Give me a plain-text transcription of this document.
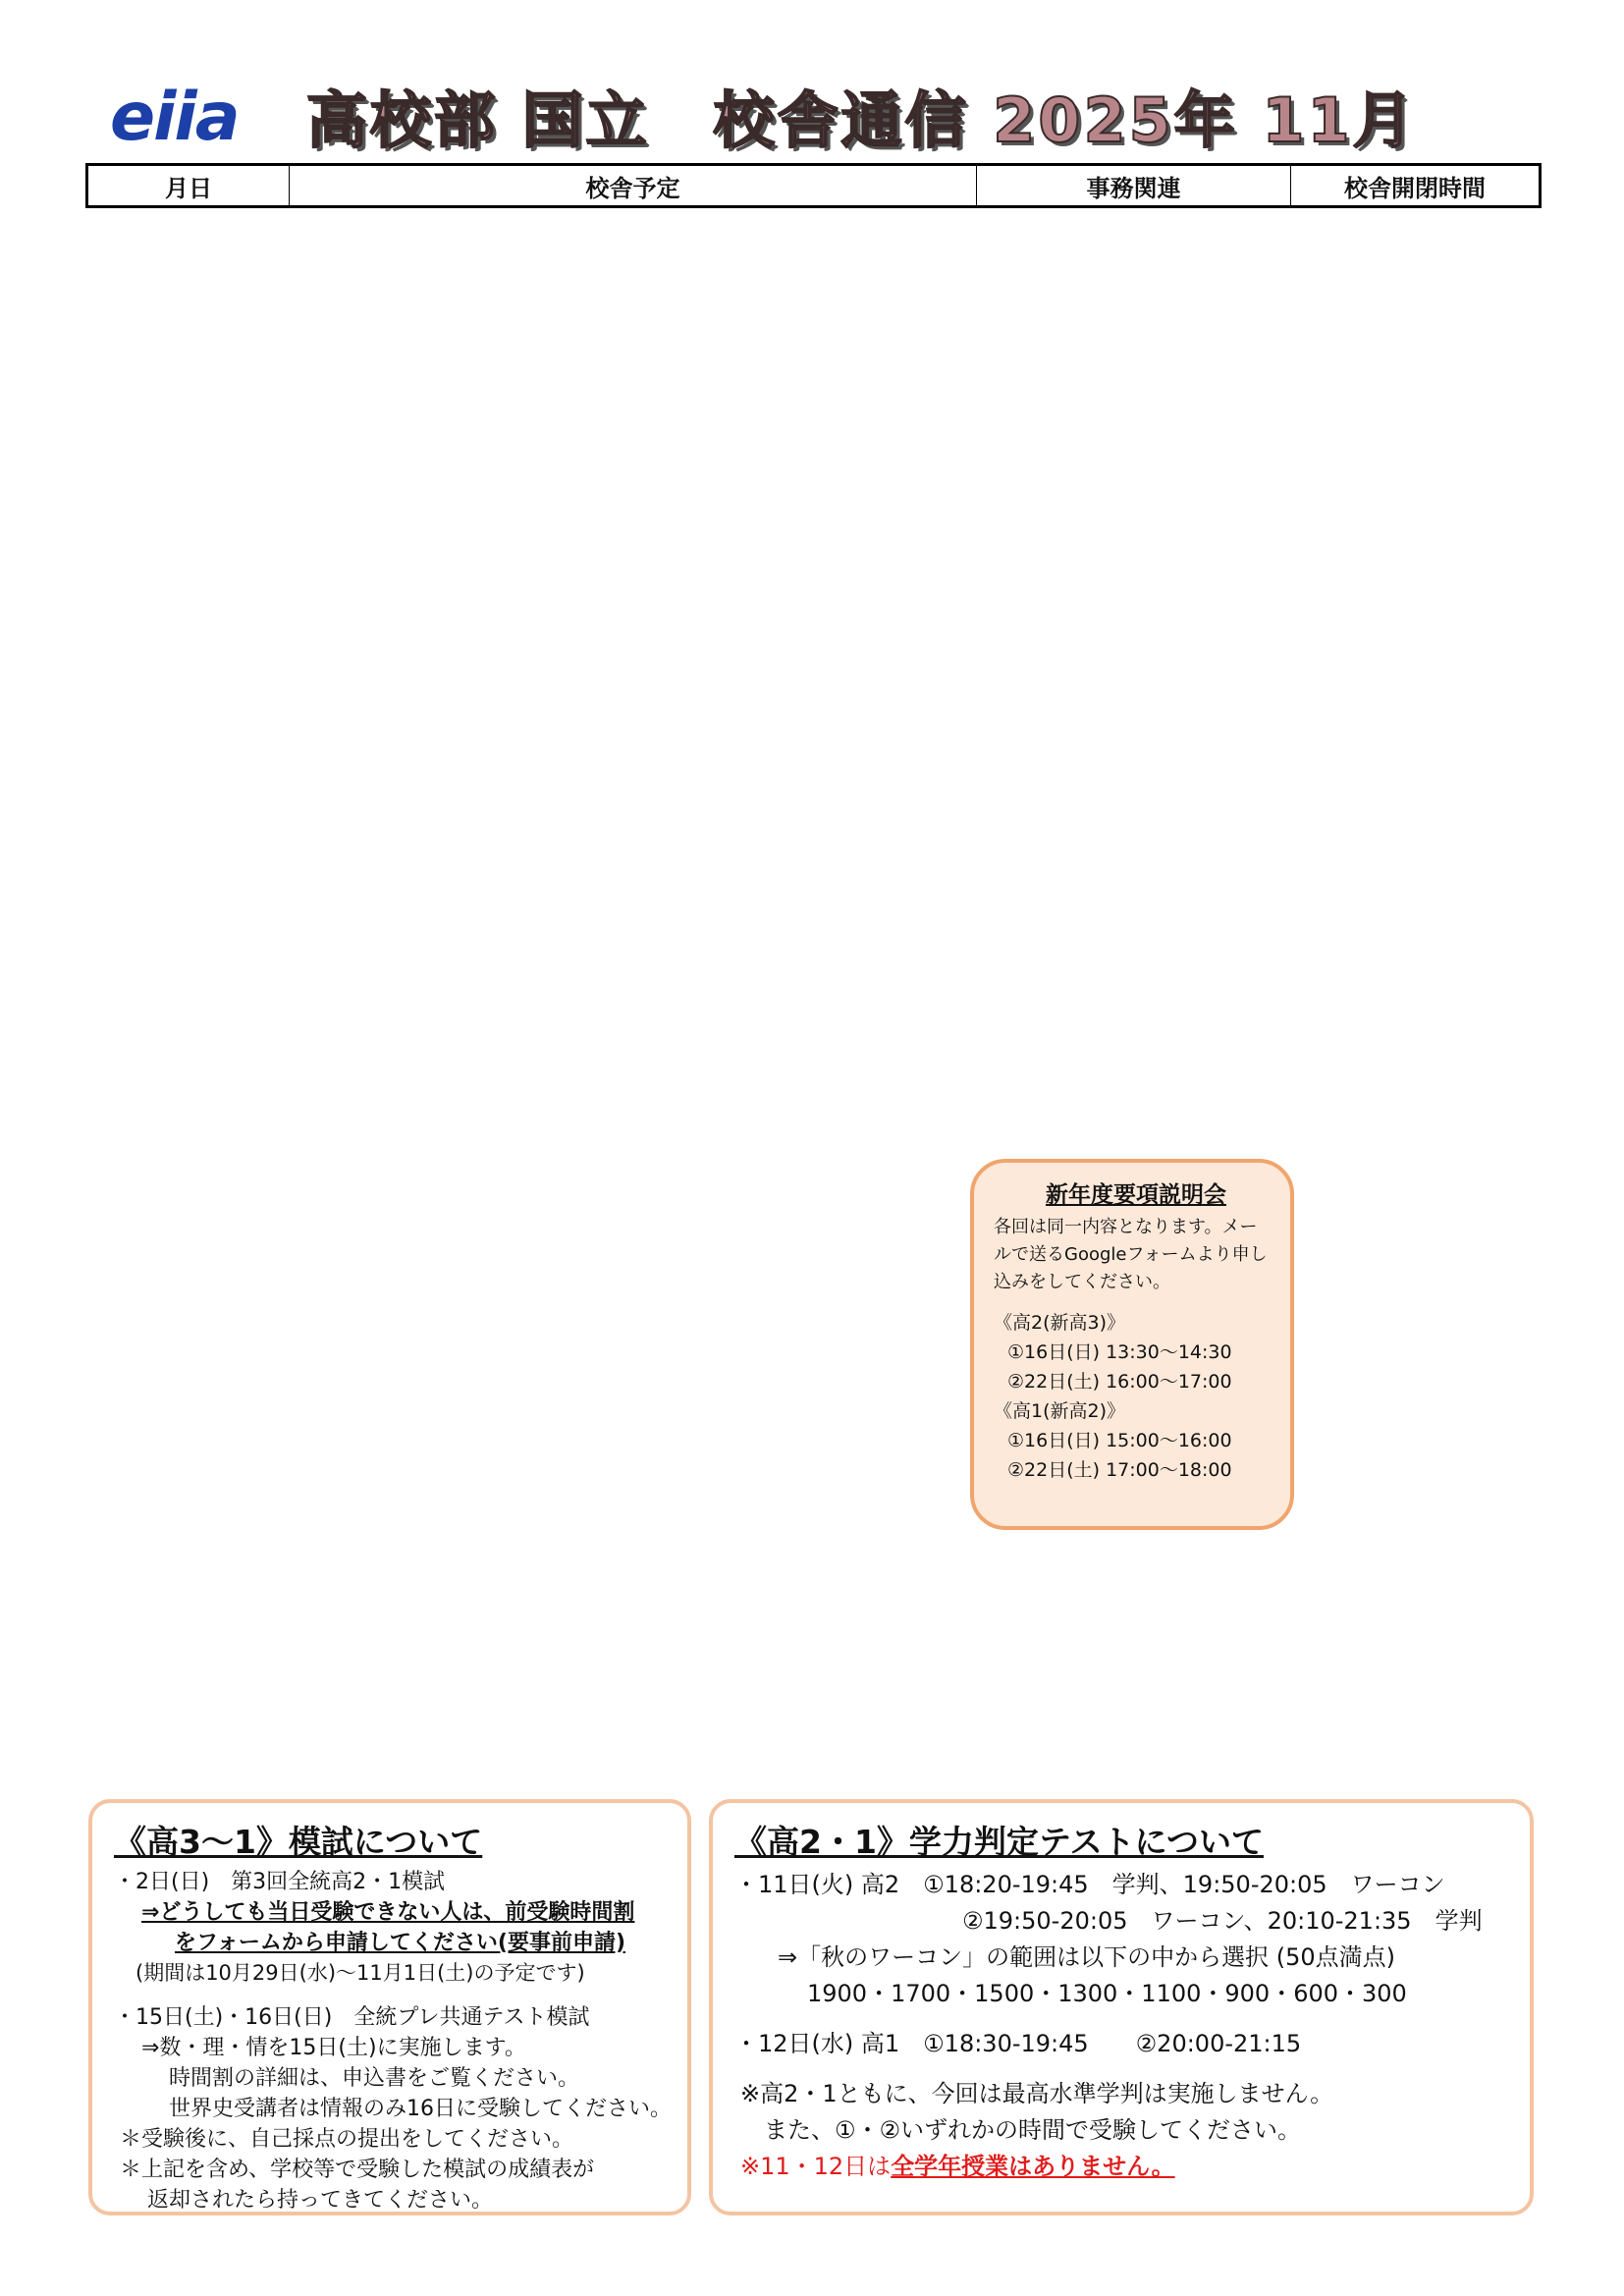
eiia	高校部 国立　校舎通信 2025年 11月
月日	校舎予定	事務関連	校舎開閉時間
新年度要項説明会
各回は同一内容となります。メー
ルで送るGoogleフォームより申し
込みをしてください。
《高2(新高3)》
①16日(日) 13:30～14:30
②22日(土) 16:00～17:00
《高1(新高2)》
①16日(日) 15:00～16:00
②22日(土) 17:00～18:00
《高3～1》模試について
・2日(日)　第3回全統高2・1模試
⇒どうしても当日受験できない人は、前受験時間割
をフォームから申請してください(要事前申請)
(期間は10月29日(水)～11月1日(土)の予定です)
・15日(土)・16日(日)　全統プレ共通テスト模試
⇒数・理・情を15日(土)に実施します。
時間割の詳細は、申込書をご覧ください。
世界史受講者は情報のみ16日に受験してください。
＊受験後に、自己採点の提出をしてください。
＊上記を含め、学校等で受験した模試の成績表が
返却されたら持ってきてください。
《高2・1》学力判定テストについて
・11日(火) 高2　①18:20-19:45　学判、19:50-20:05　ワーコン
②19:50-20:05　ワーコン、20:10-21:35　学判
⇒「秋のワーコン」の範囲は以下の中から選択 (50点満点)
1900・1700・1500・1300・1100・900・600・300
・12日(水) 高1　①18:30-19:45　　②20:00-21:15
※高2・1ともに、今回は最高水準学判は実施しません。
また、①・②いずれかの時間で受験してください。
※11・12日は全学年授業はありません。
